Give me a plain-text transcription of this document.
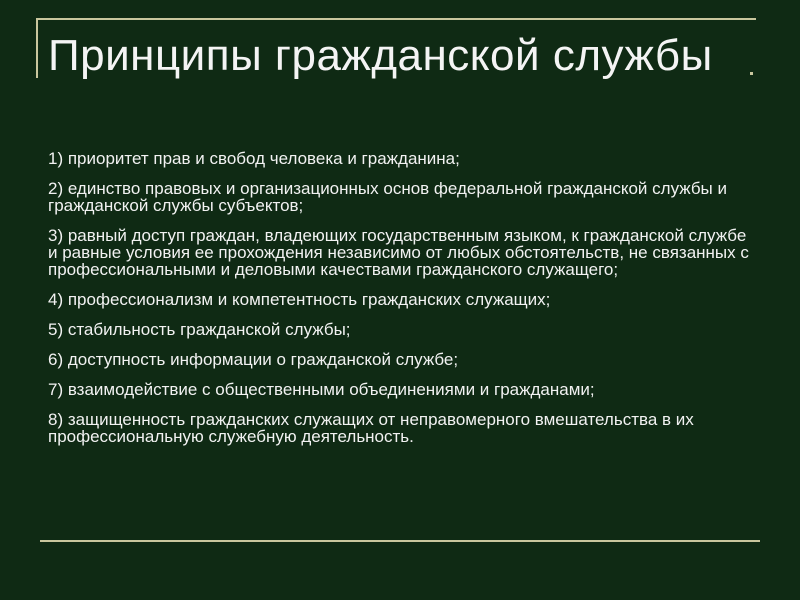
Принципы гражданской службы
1) приоритет прав и свобод человека и гражданина;
2) единство правовых и организационных основ федеральной гражданской службы и гражданской службы субъектов;
3) равный доступ граждан, владеющих государственным языком, к гражданской службе и равные условия ее прохождения независимо от любых обстоятельств, не связанных с профессиональными и деловыми качествами гражданского служащего;
4) профессионализм и компетентность гражданских служащих;
5) стабильность гражданской службы;
6) доступность информации о гражданской службе;
7) взаимодействие с общественными объединениями и гражданами;
8) защищенность гражданских служащих от неправомерного вмешательства в их профессиональную служебную деятельность.
